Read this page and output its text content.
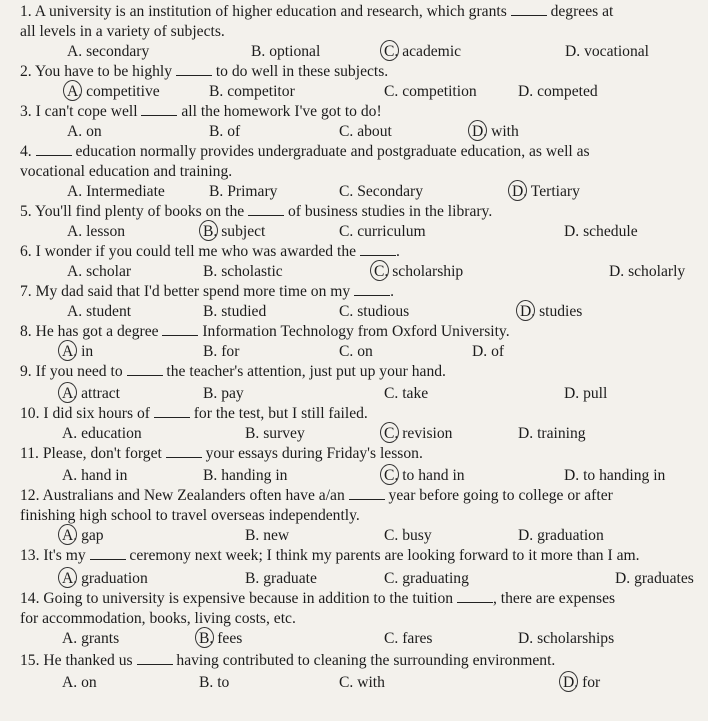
1. A university is an institution of higher education and research, which grants  degrees at
all levels in a variety of subjects.
A. secondary	B. optional	C. academic	D. vocational
2. You have to be highly  to do well in these subjects.
A. competitive	B. competitor	C. competition	D. competed
3. I can't cope well  all the homework I've got to do!
A. on	B. of	C. about	D. with
4.  education normally provides undergraduate and postgraduate education, as well as
vocational education and training.
A. Intermediate	B. Primary	C. Secondary	D. Tertiary
5. You'll find plenty of books on the  of business studies in the library.
A. lesson	B. subject	C. curriculum	D. schedule
6. I wonder if you could tell me who was awarded the .
A. scholar	B. scholastic	C. scholarship	D. scholarly
7. My dad said that I'd better spend more time on my .
A. student	B. studied	C. studious	D. studies
8. He has got a degree  Information Technology from Oxford University.
A. in	B. for	C. on	D. of
9. If you need to  the teacher's attention, just put up your hand.
A. attract	B. pay	C. take	D. pull
10. I did six hours of  for the test, but I still failed.
A. education	B. survey	C. revision	D. training
11. Please, don't forget  your essays during Friday's lesson.
A. hand in	B. handing in	C. to hand in	D. to handing in
12. Australians and New Zealanders often have a/an  year before going to college or after
finishing high school to travel overseas independently.
A. gap	B. new	C. busy	D. graduation
13. It's my  ceremony next week; I think my parents are looking forward to it more than I am.
A. graduation	B. graduate	C. graduating	D. graduates
14. Going to university is expensive because in addition to the tuition , there are expenses
for accommodation, books, living costs, etc.
A. grants	B. fees	C. fares	D. scholarships
15. He thanked us  having contributed to cleaning the surrounding environment.
A. on	B. to	C. with	D. for
